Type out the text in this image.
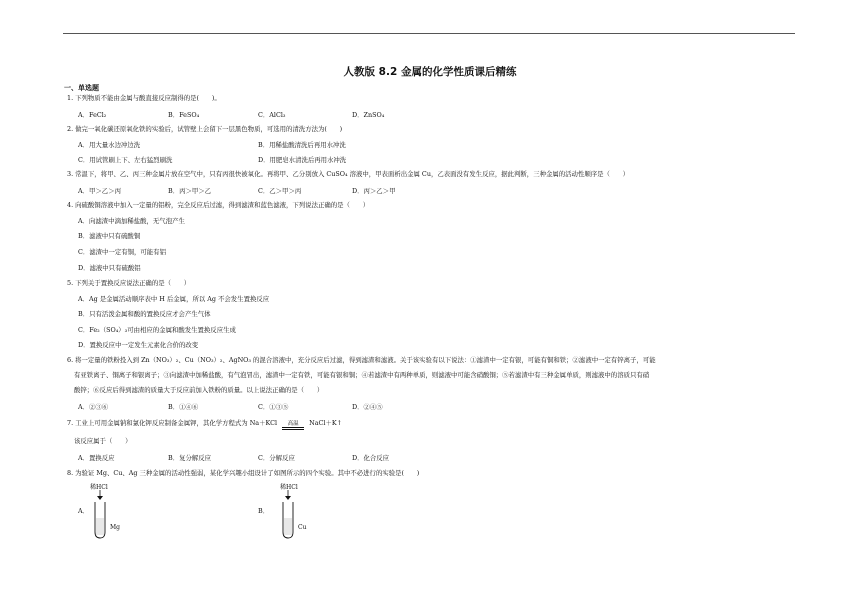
人教版 8.2 金属的化学性质课后精练
一、单选题
1. 下列物质不能由金属与酸直接反应制得的是(　　)。
A．FeCl₂	B．FeSO₄	C．AlCl₃	D．ZnSO₄
2. 做完一氧化碳还原氧化铁的实验后，试管壁上会留下一层黑色物质，可选用的清洗方法为(　　)
A．用大量水边冲边洗	B．用稀盐酸清洗后再用水冲洗
C．用试管刷上下、左右猛烈刷洗	D．用肥皂水清洗后再用水冲洗
3. 常温下，将甲、乙、丙三种金属片放在空气中，只有丙很快被氧化。再将甲、乙分别放入 CuSO₄ 溶液中，甲表面析出金属 Cu，乙表面没有发生反应，据此判断，三种金属的活动性顺序是（　　）
A．甲＞乙＞丙	B．丙＞甲＞乙	C．乙＞甲＞丙	D．丙＞乙＞甲
4. 向硫酸铜溶液中加入一定量的铝粉，完全反应后过滤，得到滤渣和蓝色滤液，下列说法正确的是（　　）
A．向滤渣中滴加稀盐酸，无气泡产生
B．滤液中只有硫酸铜
C．滤渣中一定有铜，可能有铝
D．滤液中只有硫酸铝
5. 下列关于置换反应说法正确的是（　　）
A．Ag 是金属活动顺序表中 H 后金属，所以 Ag 不会发生置换反应
B．只有活泼金属和酸的置换反应才会产生气体
C．Fe₂（SO₄）₃可由相应的金属和酸发生置换反应生成
D．置换反应中一定发生元素化合价的改变
6. 将一定量的铁粉投入到 Zn（NO₃）₂、Cu（NO₃）₂、AgNO₃ 的混合溶液中，充分反应后过滤，得到滤渣和滤液。关于该实验有以下说法：①滤渣中一定有银，可能有铜和铁；②滤液中一定有锌离子，可能
有亚铁离子、铜离子和银离子；③向滤渣中加稀盐酸，有气泡冒出，滤渣中一定有铁，可能有银和铜；④若滤渣中有两种单质，则滤液中可能含硝酸铜；⑤若滤渣中有三种金属单质，则滤液中的溶质只有硝
酸锌；⑥反应后得到滤渣的质量大于反应前加入铁粉的质量。以上说法正确的是（　　）
A．②③⑥	B．①④⑥	C．①③⑤	D．②④⑤
7. 工业上可用金属钠和氯化钾反应制备金属钾，其化学方程式为 Na＋KCl	高温	NaCl＋K↑
该反应属于（　　）
A．置换反应	B．复分解反应	C．分解反应	D．化合反应
8. 为验证 Mg、Cu、Ag 三种金属的活动性强弱，某化学兴趣小组设计了如图所示的四个实验。其中不必进行的实验是(　　)
稀HCl
A．
Mg
稀HCl
B．
Cu
